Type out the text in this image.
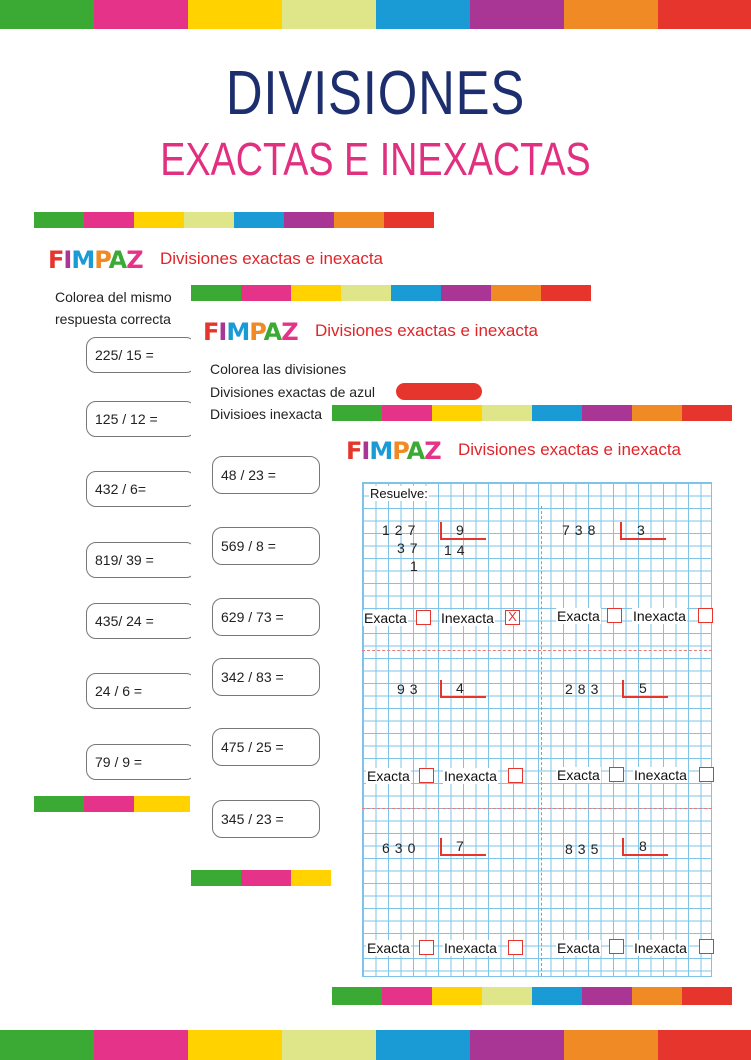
DIVISIONES
EXACTAS E INEXACTAS
FIMPAZ Divisiones exactas e inexacta
Colorea del mismo
respuesta correcta
225/ 15 =
125 / 12 =
432 / 6=
819/ 39 =
435/ 24 =
24 / 6 =
79 / 9 =
FIMPAZ Divisiones exactas e inexacta
Colorea las divisiones
Divisiones exactas de azul
Divisioes inexacta
48 / 23 =
569 / 8 =
629 / 73 =
342 / 83 =
475 / 25 =
345 / 23 =
FIMPAZ Divisiones exactas e inexacta
Resuelve:
127	9
37 14
1
Exacta Inexacta X
738	3
Exacta Inexacta
93 4
Exacta Inexacta
283	5
Exacta Inexacta
630	7
Exacta Inexacta
835	8
Exacta Inexacta
